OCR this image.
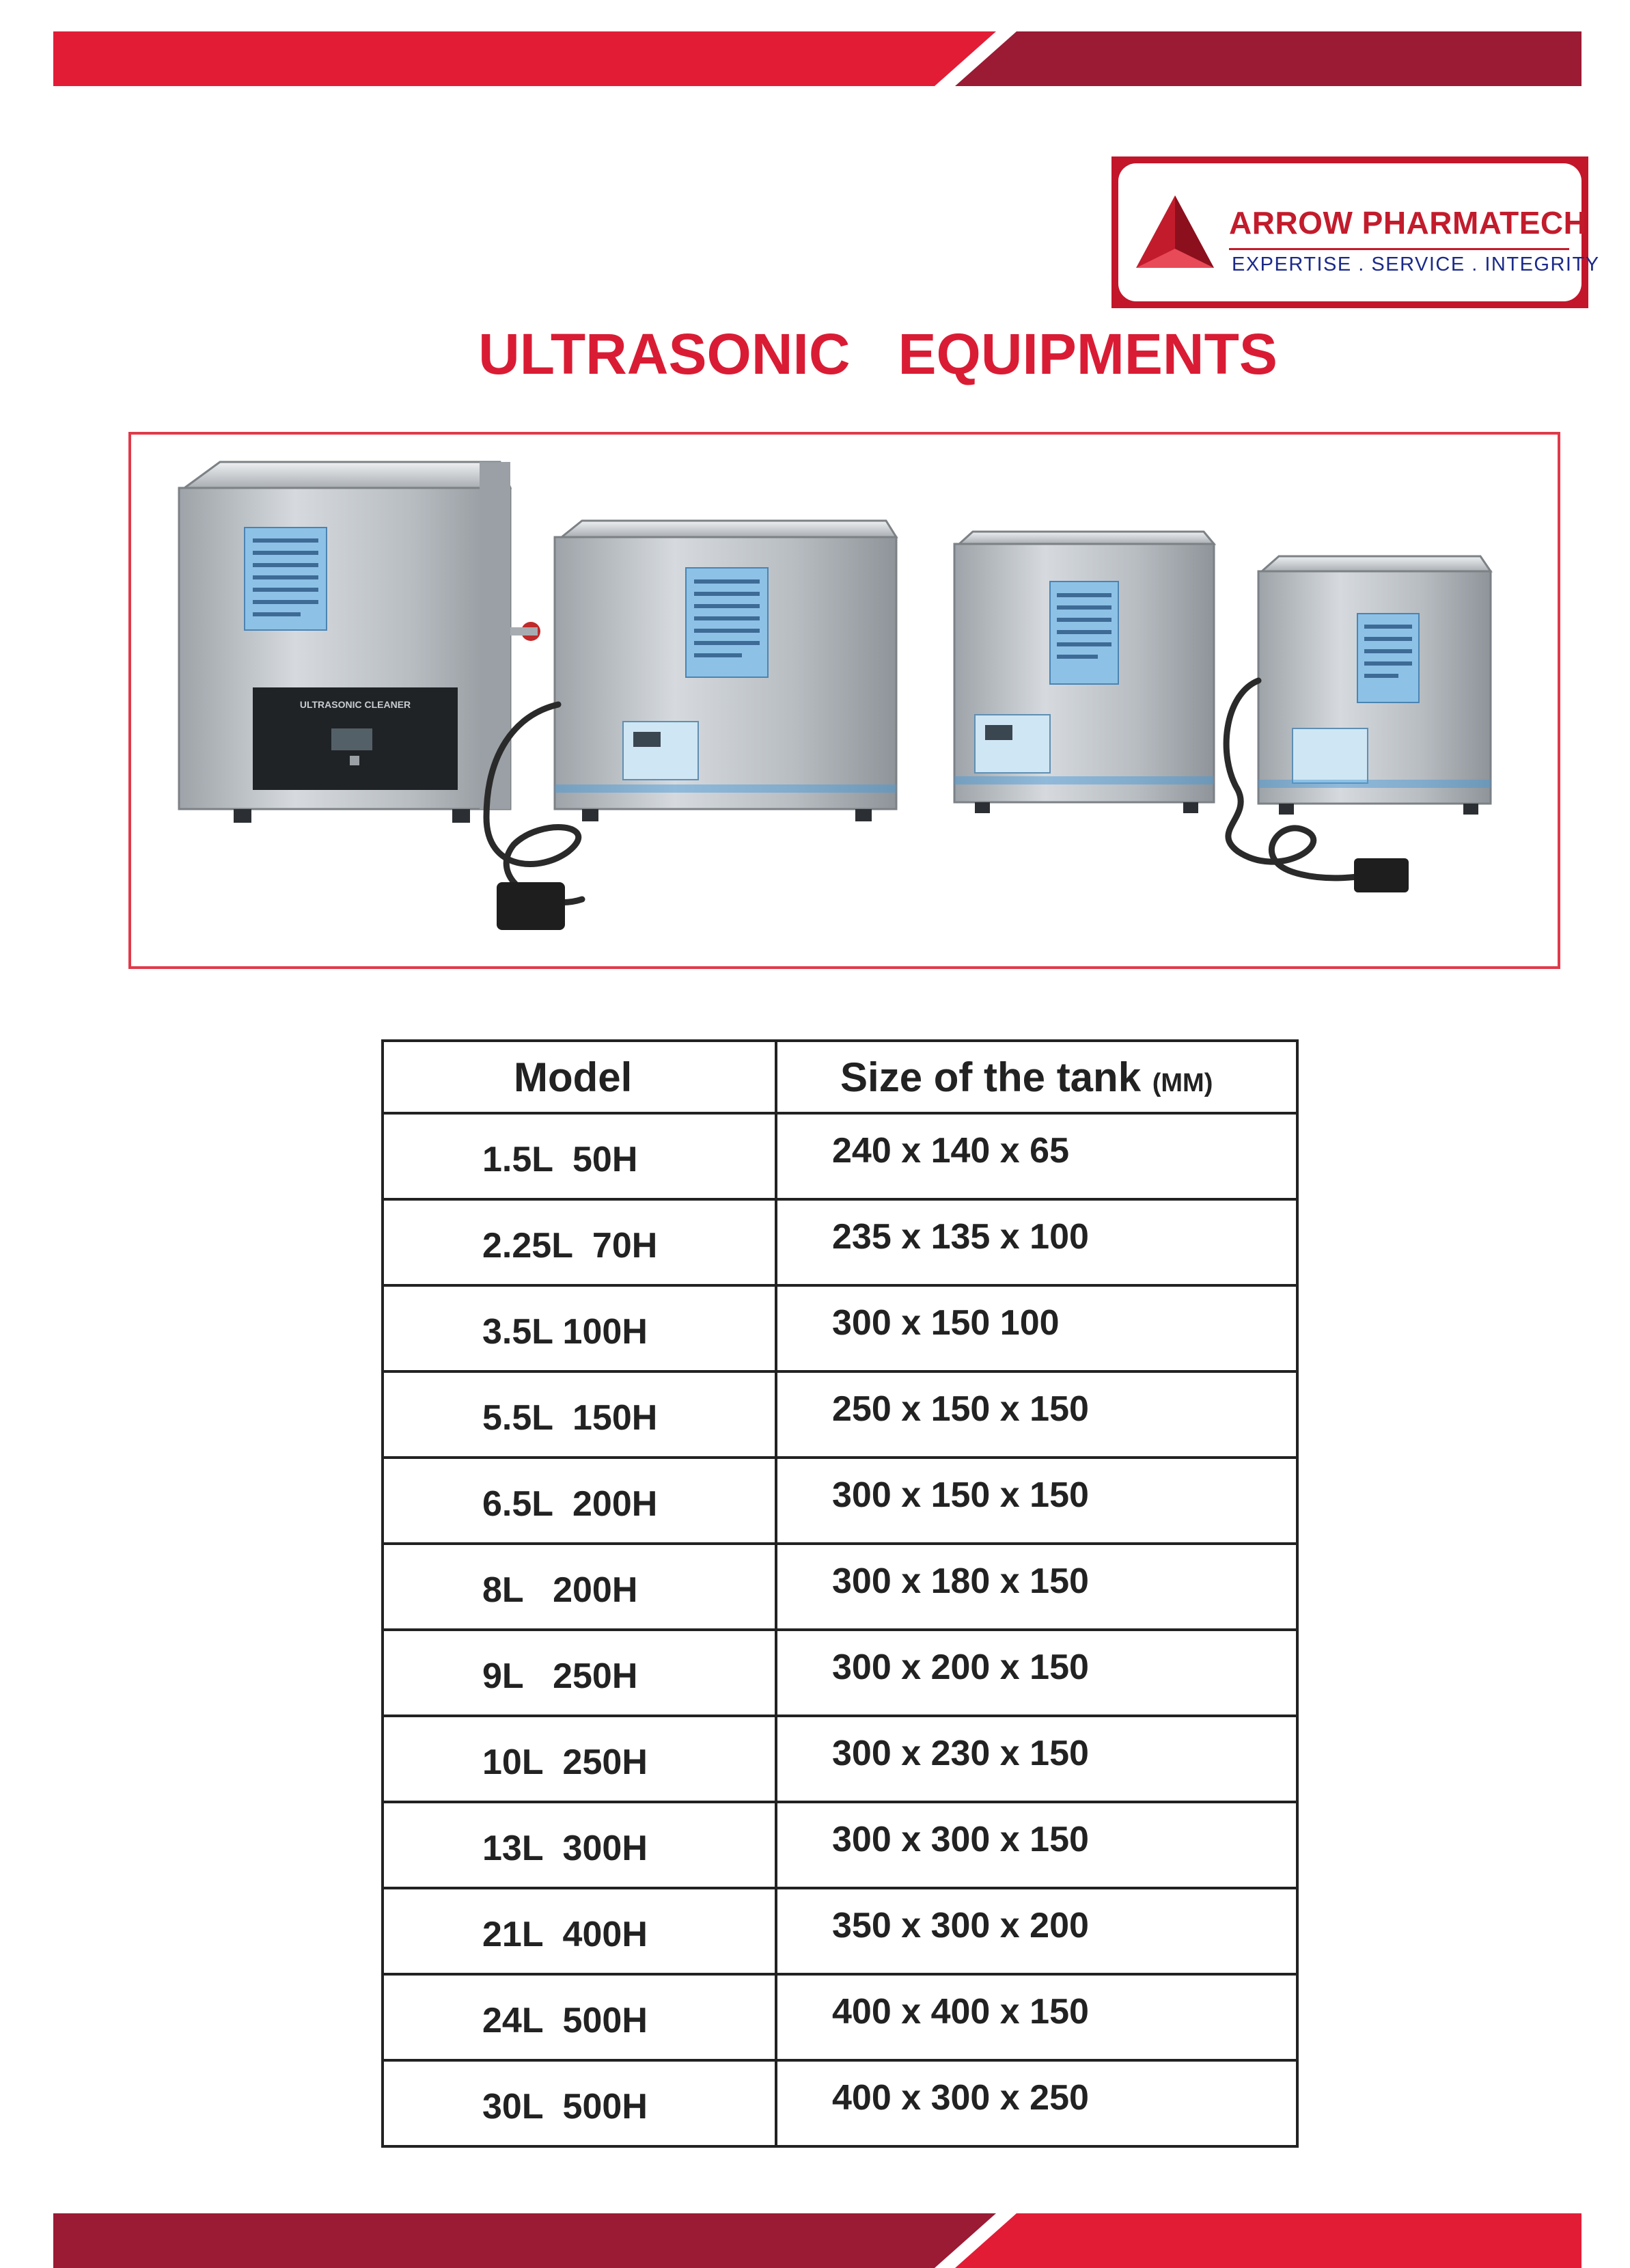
ARROW PHARMATECH
EXPERTISE . SERVICE . INTEGRITY
ULTRASONIC   EQUIPMENTS
ULTRASONIC CLEANER
Model	Size of the tank (MM)
1.5L  50H	240 x 140 x 65
2.25L  70H	235 x 135 x 100
3.5L 100H	300 x 150 100
5.5L  150H	250 x 150 x 150
6.5L  200H	300 x 150 x 150
8L   200H	300 x 180 x 150
9L   250H	300 x 200 x 150
10L  250H	300 x 230 x 150
13L  300H	300 x 300 x 150
21L  400H	350 x 300 x 200
24L  500H	400 x 400 x 150
30L  500H	400 x 300 x 250
